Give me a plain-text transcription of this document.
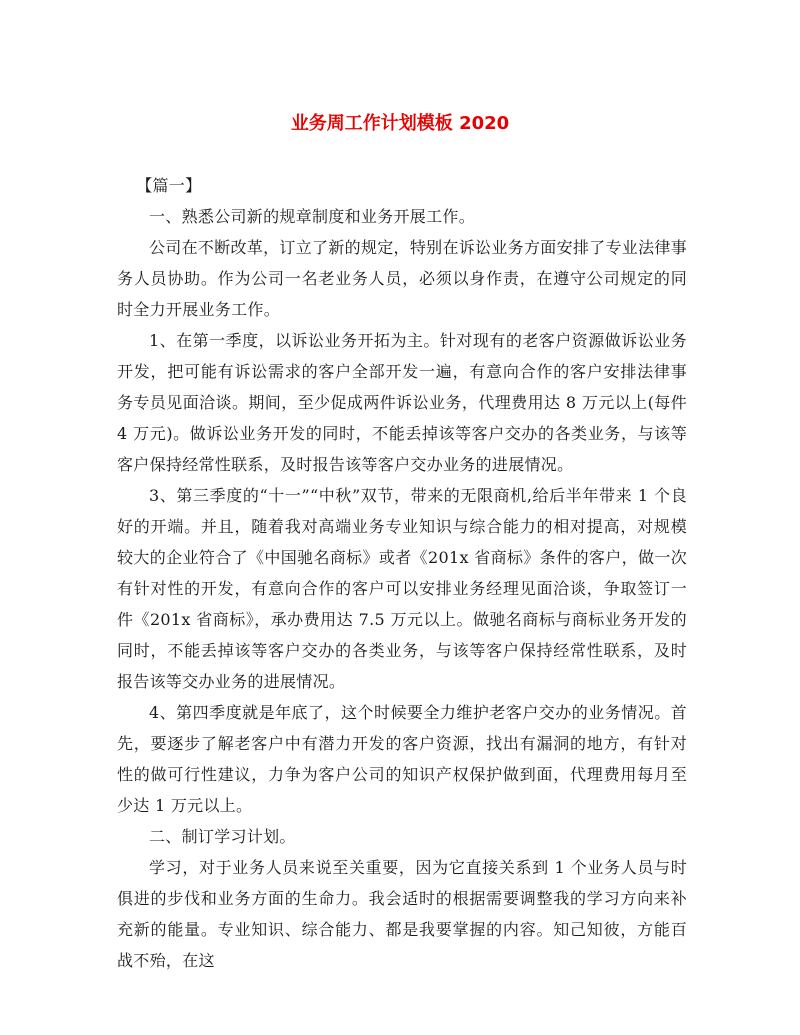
业务周工作计划模板 2020

【篇一】

一、熟悉公司新的规章制度和业务开展工作。

公司在不断改革，订立了新的规定，特别在诉讼业务方面安排了专业法律事务人员协助。作为公司一名老业务人员，必须以身作责，在遵守公司规定的同时全力开展业务工作。

1、在第一季度，以诉讼业务开拓为主。针对现有的老客户资源做诉讼业务开发，把可能有诉讼需求的客户全部开发一遍，有意向合作的客户安排法律事务专员见面洽谈。期间，至少促成两件诉讼业务，代理费用达 8 万元以上(每件 4 万元)。做诉讼业务开发的同时，不能丢掉该等客户交办的各类业务，与该等客户保持经常性联系，及时报告该等客户交办业务的进展情况。

3、第三季度的“十一”“中秋”双节，带来的无限商机,给后半年带来 1 个良好的开端。并且，随着我对高端业务专业知识与综合能力的相对提高，对规模较大的企业符合了《中国驰名商标》或者《201x 省商标》条件的客户，做一次有针对性的开发，有意向合作的客户可以安排业务经理见面洽谈，争取签订一件《201x 省商标》，承办费用达 7.5 万元以上。做驰名商标与商标业务开发的同时，不能丢掉该等客户交办的各类业务，与该等客户保持经常性联系，及时报告该等交办业务的进展情况。

4、第四季度就是年底了，这个时候要全力维护老客户交办的业务情况。首先，要逐步了解老客户中有潜力开发的客户资源，找出有漏洞的地方，有针对性的做可行性建议，力争为客户公司的知识产权保护做到面，代理费用每月至少达 1 万元以上。

二、制订学习计划。

学习，对于业务人员来说至关重要，因为它直接关系到 1 个业务人员与时俱进的步伐和业务方面的生命力。我会适时的根据需要调整我的学习方向来补充新的能量。专业知识、综合能力、都是我要掌握的内容。知己知彼，方能百战不殆，在这
